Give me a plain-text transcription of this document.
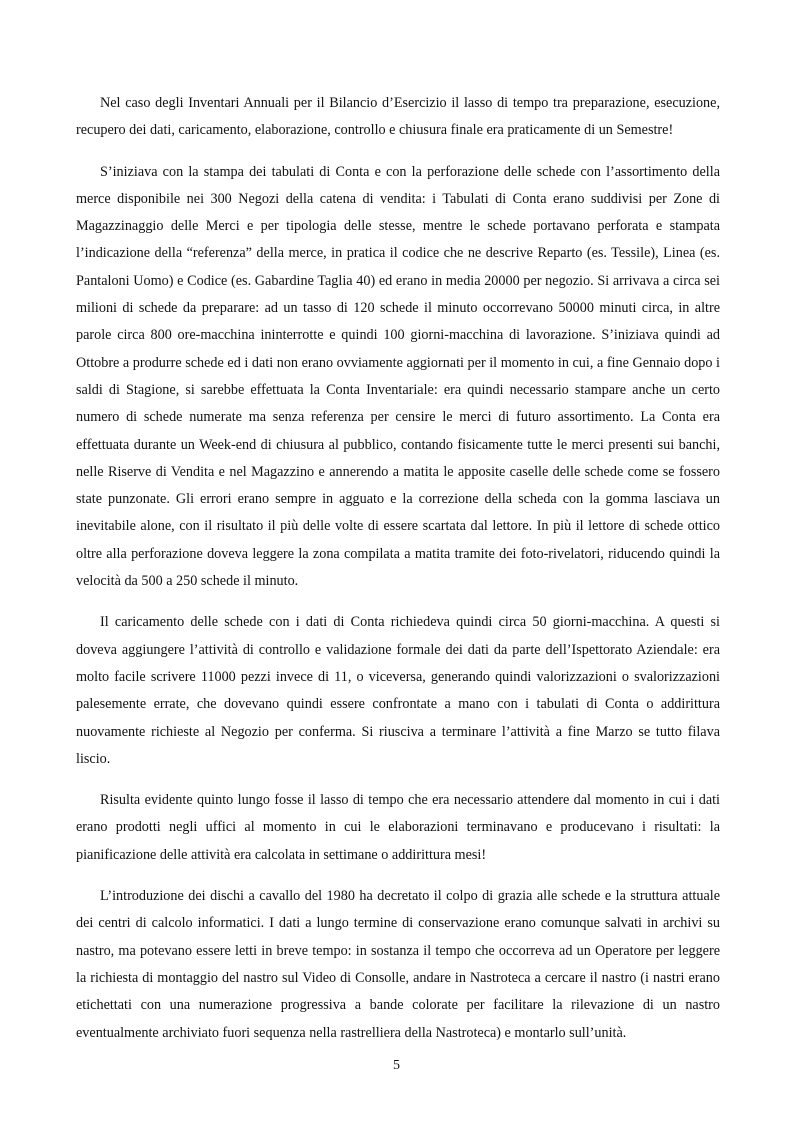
Nel caso degli Inventari Annuali per il Bilancio d’Esercizio il lasso di tempo tra preparazione, esecuzione, recupero dei dati, caricamento, elaborazione, controllo e chiusura finale era praticamente di un Semestre!

S’iniziava con la stampa dei tabulati di Conta e con la perforazione delle schede con l’assortimento della merce disponibile nei 300 Negozi della catena di vendita: i Tabulati di Conta erano suddivisi per Zone di Magazzinaggio delle Merci e per tipologia delle stesse, mentre le schede portavano perforata e stampata l’indicazione della “referenza” della merce, in pratica il codice che ne descrive Reparto (es. Tessile), Linea (es. Pantaloni Uomo) e Codice (es. Gabardine Taglia 40) ed erano in media 20000 per negozio. Si arrivava a circa sei milioni di schede da preparare: ad un tasso di 120 schede il minuto occorrevano 50000 minuti circa, in altre parole circa 800 ore-macchina ininterrotte e quindi 100 giorni-macchina di lavorazione. S’iniziava quindi ad Ottobre a produrre schede ed i dati non erano ovviamente aggiornati per il momento in cui, a fine Gennaio dopo i saldi di Stagione, si sarebbe effettuata la Conta Inventariale: era quindi necessario stampare anche un certo numero di schede numerate ma senza referenza per censire le merci di futuro assortimento. La Conta era effettuata durante un Week-end di chiusura al pubblico, contando fisicamente tutte le merci presenti sui banchi, nelle Riserve di Vendita e nel Magazzino e annerendo a matita le apposite caselle delle schede come se fossero state punzonate. Gli errori erano sempre in agguato e la correzione della scheda con la gomma lasciava un inevitabile alone, con il risultato il più delle volte di essere scartata dal lettore. In più il lettore di schede ottico oltre alla perforazione doveva leggere la zona compilata a matita tramite dei foto-rivelatori, riducendo quindi la velocità da 500 a 250 schede il minuto.

Il caricamento delle schede con i dati di Conta richiedeva quindi circa 50 giorni-macchina. A questi si doveva aggiungere l’attività di controllo e validazione formale dei dati da parte dell’Ispettorato Aziendale: era molto facile scrivere 11000 pezzi invece di 11, o viceversa, generando quindi valorizzazioni o svalorizzazioni palesemente errate, che dovevano quindi essere confrontate a mano con i tabulati di Conta o addirittura nuovamente richieste al Negozio per conferma. Si riusciva a terminare l’attività a fine Marzo se tutto filava liscio.

Risulta evidente quinto lungo fosse il lasso di tempo che era necessario attendere dal momento in cui i dati erano prodotti negli uffici al momento in cui le elaborazioni terminavano e producevano i risultati: la pianificazione delle attività era calcolata in settimane o addirittura mesi!

L’introduzione dei dischi a cavallo del 1980 ha decretato il colpo di grazia alle schede e la struttura attuale dei centri di calcolo informatici. I dati a lungo termine di conservazione erano comunque salvati in archivi su nastro, ma potevano essere letti in breve tempo: in sostanza il tempo che occorreva ad un Operatore per leggere la richiesta di montaggio del nastro sul Video di Consolle, andare in Nastroteca a cercare il nastro (i nastri erano etichettati con una numerazione progressiva a bande colorate per facilitare la rilevazione di un nastro eventualmente archiviato fuori sequenza nella rastrelliera della Nastroteca) e montarlo sull’unità.

5
